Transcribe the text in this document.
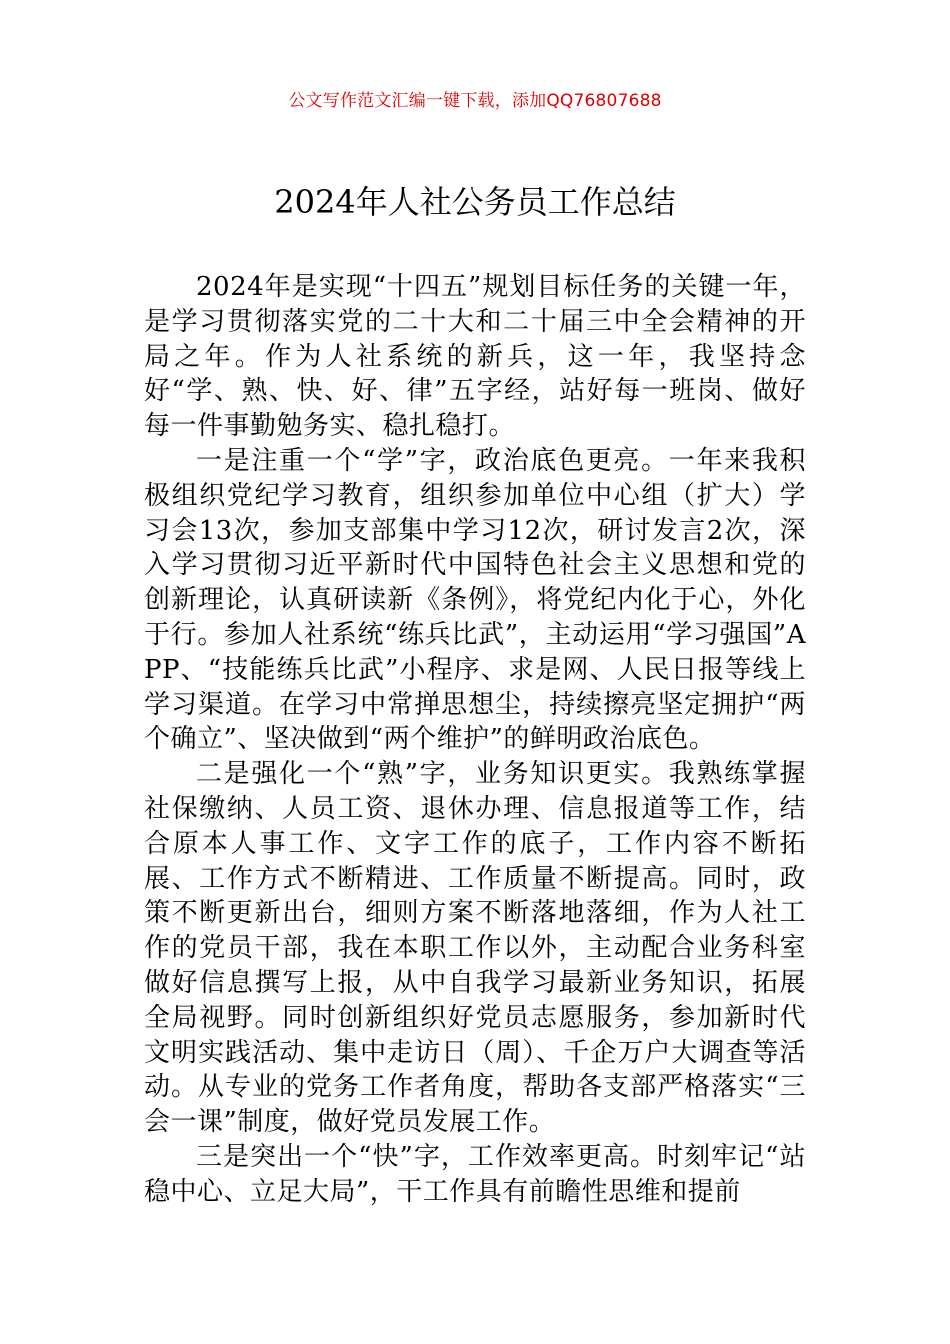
公文写作范文汇编一键下载，添加QQ76807688
2024年人社公务员工作总结

2024年是实现“十四五”规划目标任务的关键一年，是学习贯彻落实党的二十大和二十届三中全会精神的开局之年。作为人社系统的新兵，这一年，我坚持念好“学、熟、快、好、律”五字经，站好每一班岗、做好每一件事勤勉务实、稳扎稳打。

一是注重一个“学”字，政治底色更亮。一年来我积极组织党纪学习教育，组织参加单位中心组（扩大）学习会13次，参加支部集中学习12次，研讨发言2次，深入学习贯彻习近平新时代中国特色社会主义思想和党的创新理论，认真研读新《条例》，将党纪内化于心，外化于行。参加人社系统“练兵比武”，主动运用“学习强国”APP、“技能练兵比武”小程序、求是网、人民日报等线上学习渠道。在学习中常掸思想尘，持续擦亮坚定拥护“两个确立”、坚决做到“两个维护”的鲜明政治底色。

二是强化一个“熟”字，业务知识更实。我熟练掌握社保缴纳、人员工资、退休办理、信息报道等工作，结合原本人事工作、文字工作的底子，工作内容不断拓展、工作方式不断精进、工作质量不断提高。同时，政策不断更新出台，细则方案不断落地落细，作为人社工作的党员干部，我在本职工作以外，主动配合业务科室做好信息撰写上报，从中自我学习最新业务知识，拓展全局视野。同时创新组织好党员志愿服务，参加新时代文明实践活动、集中走访日（周）、千企万户大调查等活动。从专业的党务工作者角度，帮助各支部严格落实“三会一课”制度，做好党员发展工作。

三是突出一个“快”字，工作效率更高。时刻牢记“站稳中心、立足大局”，干工作具有前瞻性思维和提前
